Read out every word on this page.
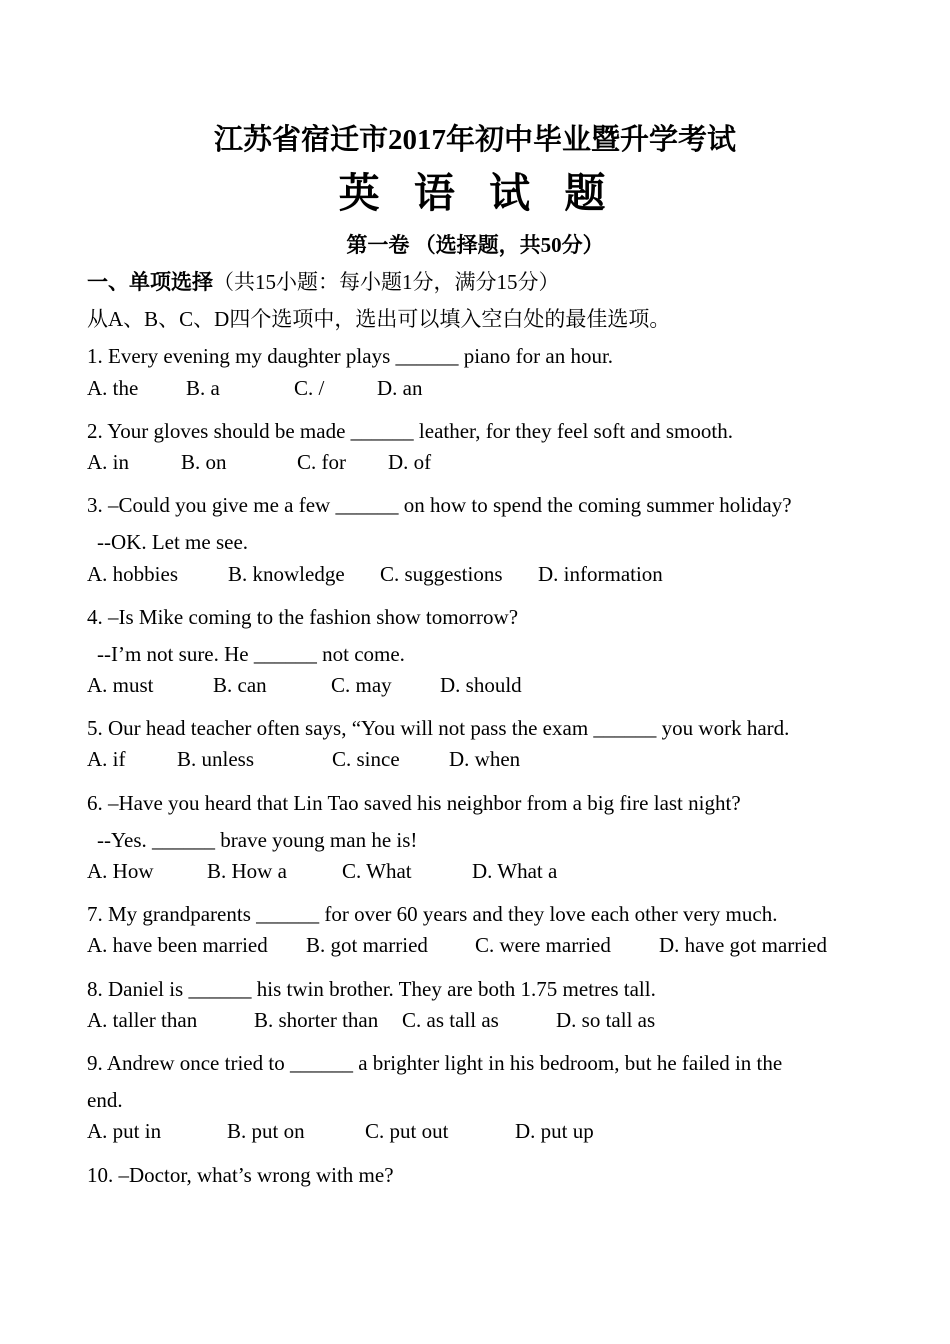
江苏省宿迁市2017年初中毕业暨升学考试
英 语 试 题
第一卷 （选择题，共50分）
一、单项选择（共15小题：每小题1分，满分15分）
从A、B、C、D四个选项中，选出可以填入空白处的最佳选项。
1. Every evening my daughter plays ______ piano for an hour.
A. the B. a	C. /	D. an
2. Your gloves should be made ______ leather, for they feel soft and smooth.
A. in B. on	C. for D. of
3. –Could you give me a few ______ on how to spend the coming summer holiday?
--OK. Let me see.
A. hobbies B. knowledge C. suggestions D. information
4. –Is Mike coming to the fashion show tomorrow?
--I’m not sure. He ______ not come.
A. must	B. can	C. may D. should
5. Our head teacher often says, “You will not pass the exam ______ you work hard.
A. if B. unless	C. since D. when
6. –Have you heard that Lin Tao saved his neighbor from a big fire last night?
--Yes. ______ brave young man he is!
A. How	B. How a	C. What	D. What a
7. My grandparents ______ for over 60 years and they love each other very much.
A. have been married B. got married C. were married D. have got married
8. Daniel is ______ his twin brother. They are both 1.75 metres tall.
A. taller than	B. shorter than C. as tall as	D. so tall as
9. Andrew once tried to ______ a brighter light in his bedroom, but he failed in the
end.
A. put in	B. put on	C. put out	D. put up
10. –Doctor, what’s wrong with me?
